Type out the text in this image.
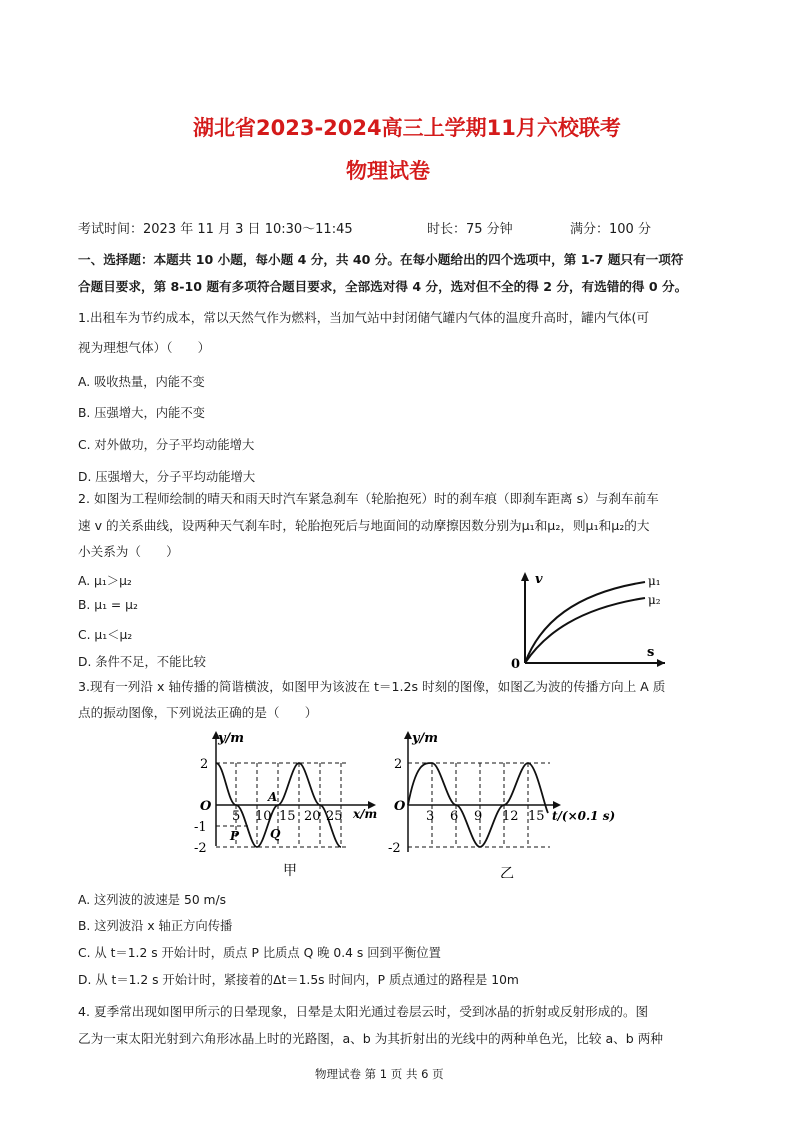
湖北省2023-2024高三上学期11月六校联考
物理试卷
考试时间：2023 年 11 月 3 日 10:30～11:45	时长：75 分钟	满分：100 分
一、选择题：本题共 10 小题，每小题 4 分，共 40 分。在每小题给出的四个选项中，第 1-7 题只有一项符
合题目要求，第 8-10 题有多项符合题目要求，全部选对得 4 分，选对但不全的得 2 分，有选错的得 0 分。
1.出租车为节约成本，常以天然气作为燃料，当加气站中封闭储气罐内气体的温度升高时，罐内气体(可
视为理想气体）（　　）
A. 吸收热量，内能不变
B. 压强增大，内能不变
C. 对外做功，分子平均动能增大
D. 压强增大，分子平均动能增大
2. 如图为工程师绘制的晴天和雨天时汽车紧急刹车（轮胎抱死）时的刹车痕（即刹车距离 s）与刹车前车
速 v 的关系曲线，设两种天气刹车时，轮胎抱死后与地面间的动摩擦因数分别为μ₁和μ₂，则μ₁和μ₂的大
小关系为（　　）
A. μ₁＞μ₂
B. μ₁ = μ₂
C. μ₁＜μ₂
D. 条件不足，不能比较
v
s
0
μ₁
μ₂
3.现有一列沿 x 轴传播的简谐横波，如图甲为该波在 t＝1.2s 时刻的图像，如图乙为波的传播方向上 A 质
点的振动图像，下列说法正确的是（　　）
y/m
x/m
O
2
-1
-2
5 10 15 20 25
A
P	Q
甲
y/m
t/(×0.1 s)
O
2
-2
3 6 9 12 15
乙
A. 这列波的波速是 50 m/s
B. 这列波沿 x 轴正方向传播
C. 从 t＝1.2 s 开始计时，质点 P 比质点 Q 晚 0.4 s 回到平衡位置
D. 从 t＝1.2 s 开始计时，紧接着的Δt＝1.5s 时间内，P 质点通过的路程是 10m
4. 夏季常出现如图甲所示的日晕现象，日晕是太阳光通过卷层云时，受到冰晶的折射或反射形成的。图
乙为一束太阳光射到六角形冰晶上时的光路图，a、b 为其折射出的光线中的两种单色光，比较 a、b 两种
物理试卷 第 1 页 共 6 页
